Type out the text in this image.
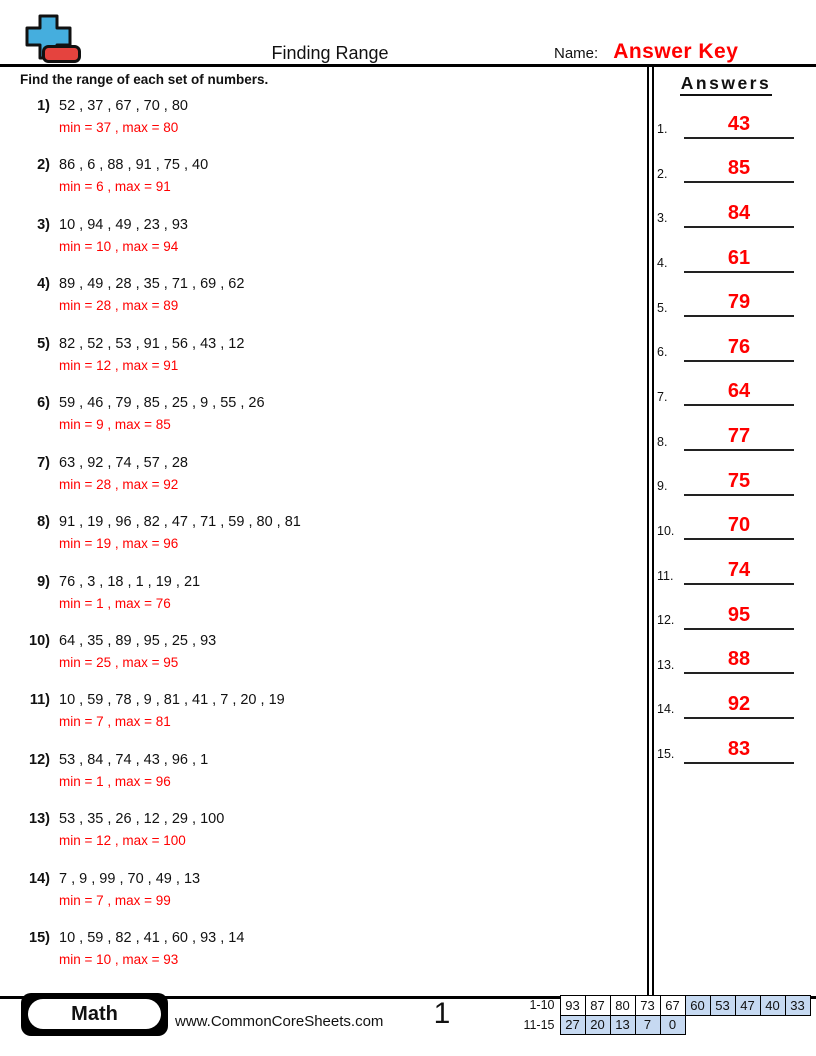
Finding Range	Name: Answer Key
Find the range of each set of numbers.	Answers
1.	43
2.	85
3.	84
4.	61
5.	79
6.	76
7.	64
8.	77
9.	75
10.	70
11.	74
12.	95
13.	88
14.	92
15.	83
1) 52 , 37 , 67 , 70 , 80
min = 37 , max = 80
2) 86 , 6 , 88 , 91 , 75 , 40
min = 6 , max = 91
3) 10 , 94 , 49 , 23 , 93
min = 10 , max = 94
4) 89 , 49 , 28 , 35 , 71 , 69 , 62
min = 28 , max = 89
5) 82 , 52 , 53 , 91 , 56 , 43 , 12
min = 12 , max = 91
6) 59 , 46 , 79 , 85 , 25 , 9 , 55 , 26
min = 9 , max = 85
7) 63 , 92 , 74 , 57 , 28
min = 28 , max = 92
8) 91 , 19 , 96 , 82 , 47 , 71 , 59 , 80 , 81
min = 19 , max = 96
9) 76 , 3 , 18 , 1 , 19 , 21
min = 1 , max = 76
10) 64 , 35 , 89 , 95 , 25 , 93
min = 25 , max = 95
11) 10 , 59 , 78 , 9 , 81 , 41 , 7 , 20 , 19
min = 7 , max = 81
12) 53 , 84 , 74 , 43 , 96 , 1
min = 1 , max = 96
13) 53 , 35 , 26 , 12 , 29 , 100
min = 12 , max = 100
14) 7 , 9 , 99 , 70 , 49 , 13
min = 7 , max = 99
15) 10 , 59 , 82 , 41 , 60 , 93 , 14
min = 10 , max = 93
Math	www.CommonCoreSheets.com	1	1-10	93	87	80	73	67	60	53	47	40	33
11-15	27	20	13	7	0					
